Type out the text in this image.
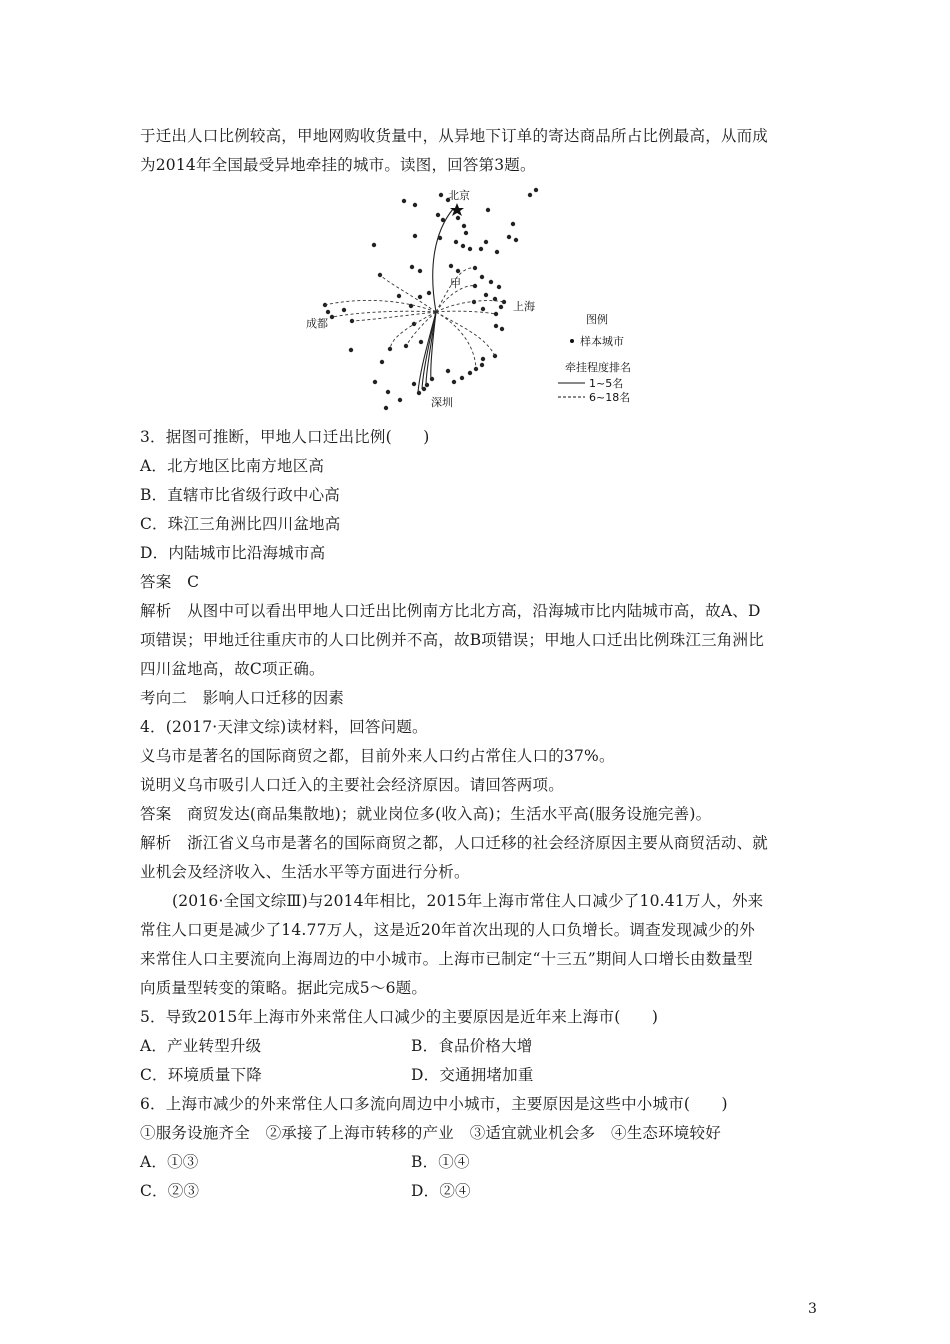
于迁出人口比例较高，甲地网购收货量中，从异地下订单的寄达商品所占比例最高，从而成
为2014年全国最受异地牵挂的城市。读图，回答第3题。
北京
甲
上海
成都
深圳
图例
样本城市
牵挂程度排名
1~5名
6~18名
3．据图可推断，甲地人口迁出比例(　　)
A．北方地区比南方地区高
B．直辖市比省级行政中心高
C．珠江三角洲比四川盆地高
D．内陆城市比沿海城市高
答案　C
解析　从图中可以看出甲地人口迁出比例南方比北方高，沿海城市比内陆城市高，故A、D
项错误；甲地迁往重庆市的人口比例并不高，故B项错误；甲地人口迁出比例珠江三角洲比
四川盆地高，故C项正确。
考向二　影响人口迁移的因素
4．(2017·天津文综)读材料，回答问题。
义乌市是著名的国际商贸之都，目前外来人口约占常住人口的37%。
说明义乌市吸引人口迁入的主要社会经济原因。请回答两项。
答案　商贸发达(商品集散地)；就业岗位多(收入高)；生活水平高(服务设施完善)。
解析　浙江省义乌市是著名的国际商贸之都，人口迁移的社会经济原因主要从商贸活动、就
业机会及经济收入、生活水平等方面进行分析。
(2016·全国文综Ⅲ)与2014年相比，2015年上海市常住人口减少了10.41万人，外来
常住人口更是减少了14.77万人，这是近20年首次出现的人口负增长。调查发现减少的外
来常住人口主要流向上海周边的中小城市。上海市已制定“十三五”期间人口增长由数量型
向质量型转变的策略。据此完成5～6题。
5．导致2015年上海市外来常住人口减少的主要原因是近年来上海市(　　)
A．产业转型升级	B．食品价格大增
C．环境质量下降	D．交通拥堵加重
6．上海市减少的外来常住人口多流向周边中小城市，主要原因是这些中小城市(　　)
①服务设施齐全　②承接了上海市转移的产业　③适宜就业机会多　④生态环境较好
A．①③	B．①④
C．②③	D．②④
3
